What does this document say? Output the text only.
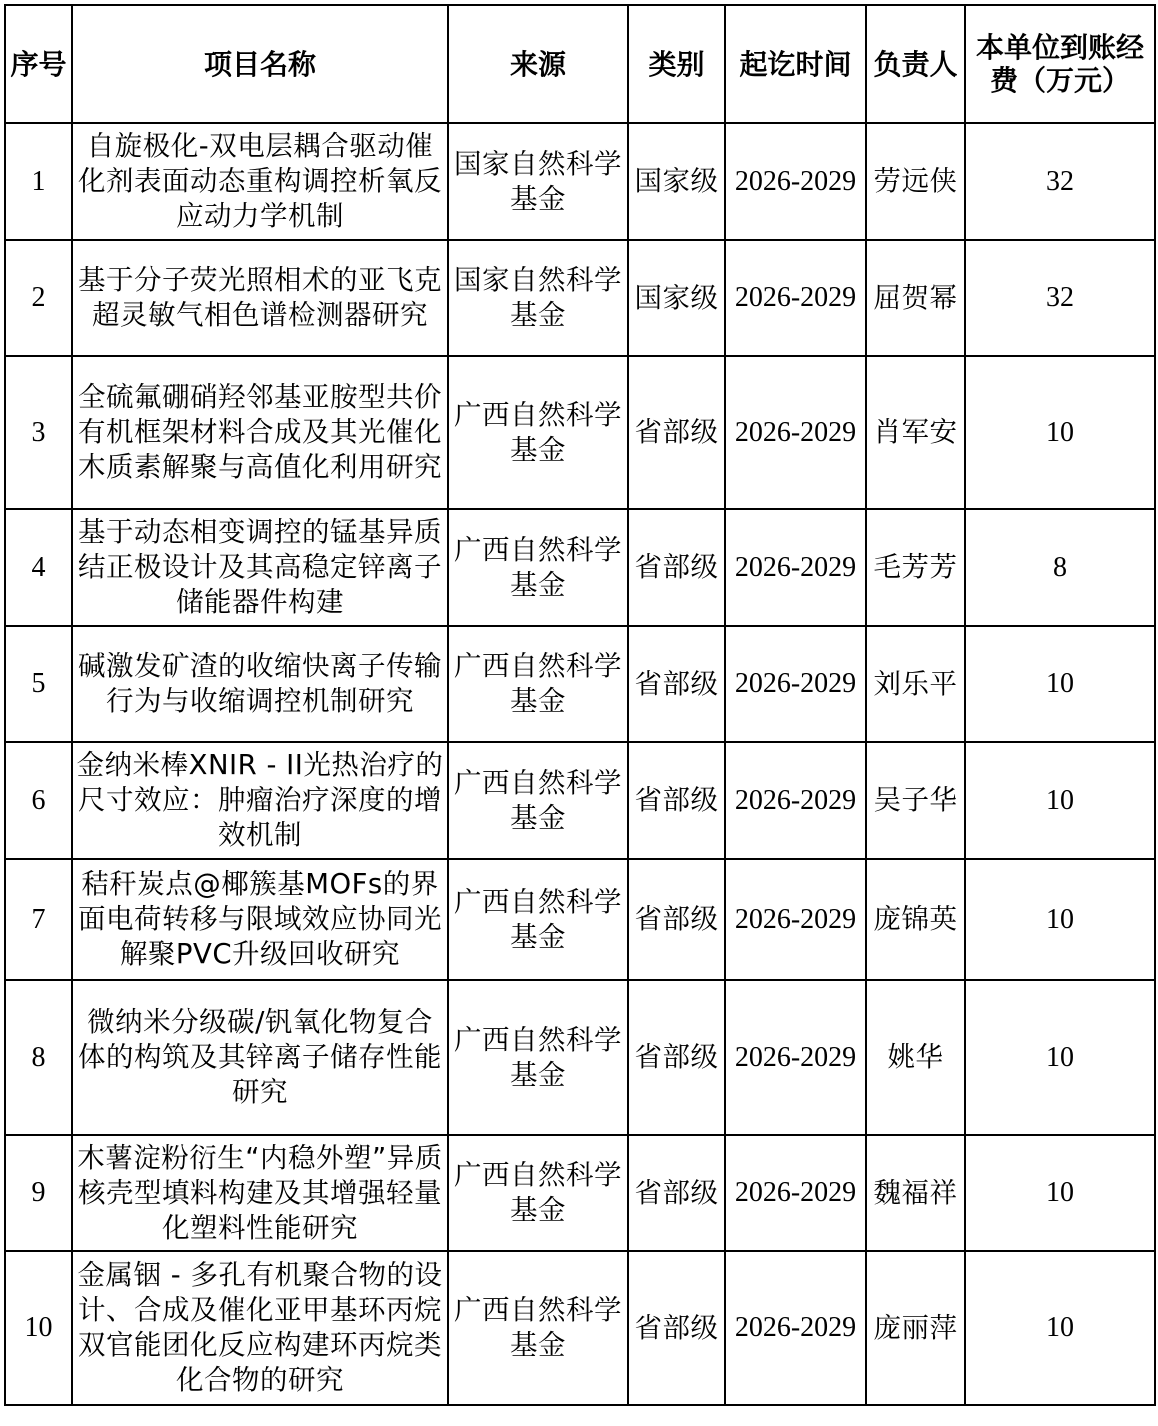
序号	项目名称	来源	类别	起讫时间	负责人	本单位到账经费（万元）
1	自旋极化-双电层耦合驱动催化剂表面动态重构调控析氧反应动力学机制	国家自然科学基金	国家级	2026-2029	劳远侠	32
2	基于分子荧光照相术的亚飞克超灵敏气相色谱检测器研究	国家自然科学基金	国家级	2026-2029	屈贺幂	32
3	全硫氟硼硝羟邻基亚胺型共价有机框架材料合成及其光催化木质素解聚与高值化利用研究	广西自然科学基金	省部级	2026-2029	肖军安	10
4	基于动态相变调控的锰基异质结正极设计及其高稳定锌离子储能器件构建	广西自然科学基金	省部级	2026-2029	毛芳芳	8
5	碱激发矿渣的收缩快离子传输行为与收缩调控机制研究	广西自然科学基金	省部级	2026-2029	刘乐平	10
6	金纳米棒XNIR - II光热治疗的尺寸效应：肿瘤治疗深度的增效机制	广西自然科学基金	省部级	2026-2029	吴子华	10
7	秸秆炭点@椰簇基MOFs的界面电荷转移与限域效应协同光解聚PVC升级回收研究	广西自然科学基金	省部级	2026-2029	庞锦英	10
8	微纳米分级碳/钒氧化物复合体的构筑及其锌离子储存性能研究	广西自然科学基金	省部级	2026-2029	姚华	10
9	木薯淀粉衍生“内稳外塑”异质核壳型填料构建及其增强轻量化塑料性能研究	广西自然科学基金	省部级	2026-2029	魏福祥	10
10	金属铟 - 多孔有机聚合物的设计、合成及催化亚甲基环丙烷双官能团化反应构建环丙烷类化合物的研究	广西自然科学基金	省部级	2026-2029	庞丽萍	10
